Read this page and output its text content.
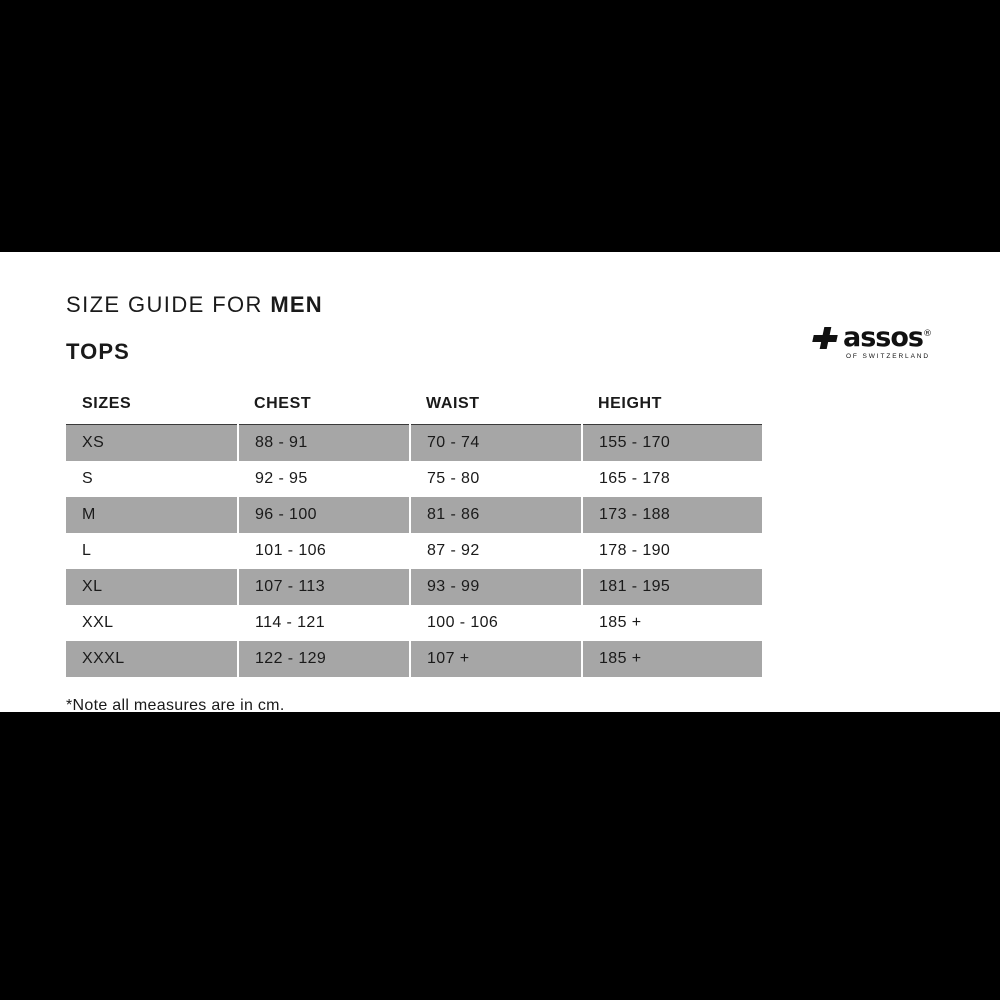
SIZE GUIDE FOR MEN
TOPS
SIZES	CHEST	WAIST	HEIGHT
XS	88 - 91	70 - 74	155 - 170
S	92 - 95	75 - 80	165 - 178
M	96 - 100	81 - 86	173 - 188
L	101 - 106	87 - 92	178 - 190
XL	107 - 113	93 - 99	181 - 195
XXL	114 - 121	100 - 106	185 +
XXXL	122 - 129	107 +	185 +
*Note all measures are in cm.
assos®
OF SWITZERLAND
